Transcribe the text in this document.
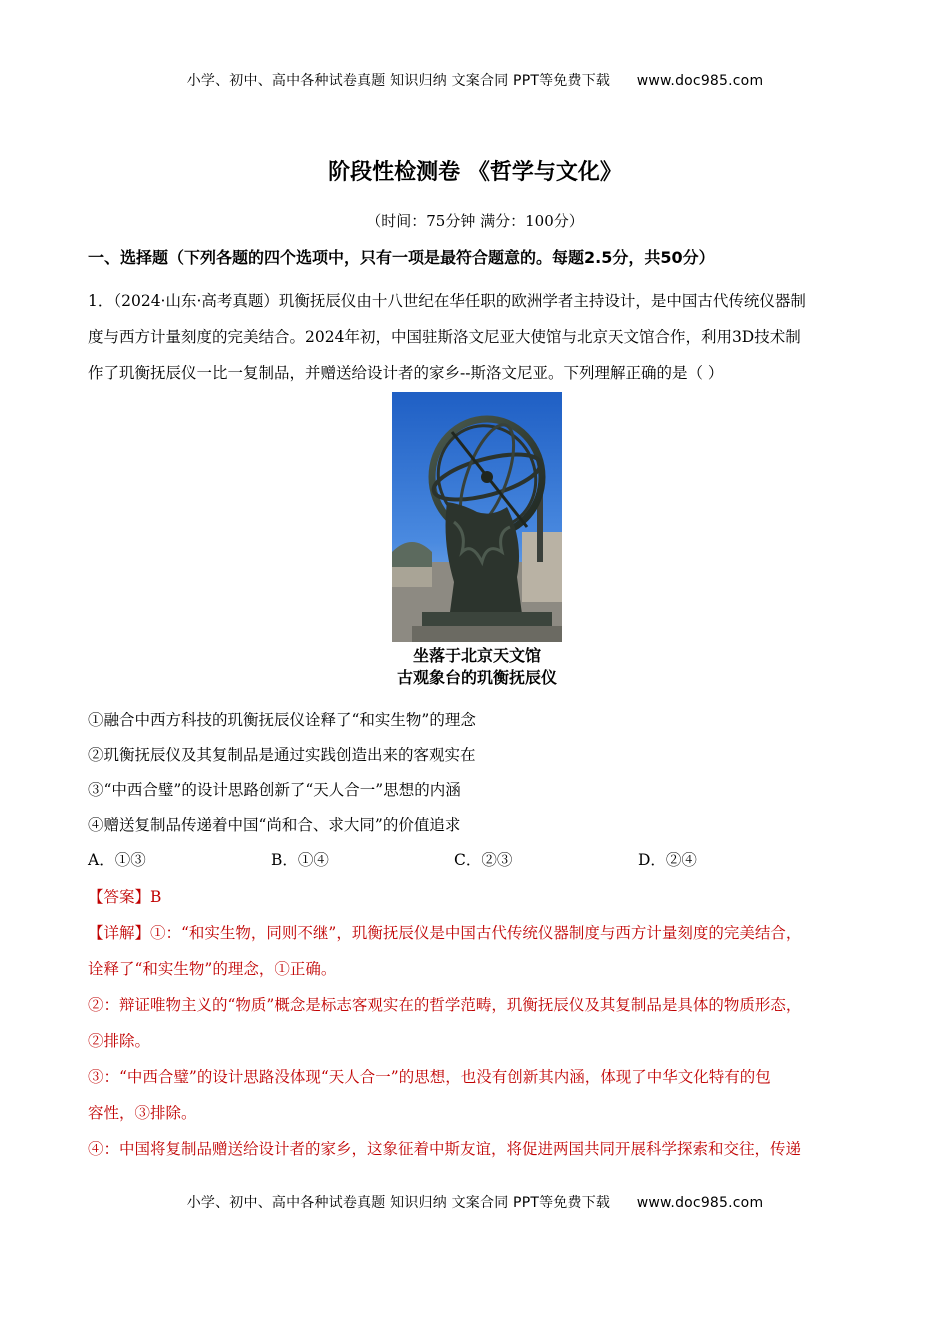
小学、初中、高中各种试卷真题 知识归纳 文案合同 PPT等免费下载 www.doc985.com
阶段性检测卷 《哲学与文化》
（时间：75分钟 满分：100分）
一、选择题（下列各题的四个选项中，只有一项是最符合题意的。每题2.5分，共50分）
1．（2024·山东·高考真题）玑衡抚辰仪由十八世纪在华任职的欧洲学者主持设计，是中国古代传统仪器制
度与西方计量刻度的完美结合。2024年初，中国驻斯洛文尼亚大使馆与北京天文馆合作，利用3D技术制
作了玑衡抚辰仪一比一复制品，并赠送给设计者的家乡--斯洛文尼亚。下列理解正确的是（ ）
坐落于北京天文馆
古观象台的玑衡抚辰仪
①融合中西方科技的玑衡抚辰仪诠释了“和实生物”的理念
②玑衡抚辰仪及其复制品是通过实践创造出来的客观实在
③“中西合璧”的设计思路创新了“天人合一”思想的内涵
④赠送复制品传递着中国“尚和合、求大同”的价值追求
A．①③	B．①④	C．②③	D．②④
【答案】B
【详解】①：“和实生物，同则不继”，玑衡抚辰仪是中国古代传统仪器制度与西方计量刻度的完美结合，
诠释了“和实生物”的理念，①正确。
②：辩证唯物主义的“物质”概念是标志客观实在的哲学范畴，玑衡抚辰仪及其复制品是具体的物质形态，
②排除。
③：“中西合璧”的设计思路没体现“天人合一”的思想，也没有创新其内涵，体现了中华文化特有的包
容性，③排除。
④：中国将复制品赠送给设计者的家乡，这象征着中斯友谊，将促进两国共同开展科学探索和交往，传递
小学、初中、高中各种试卷真题 知识归纳 文案合同 PPT等免费下载 www.doc985.com
